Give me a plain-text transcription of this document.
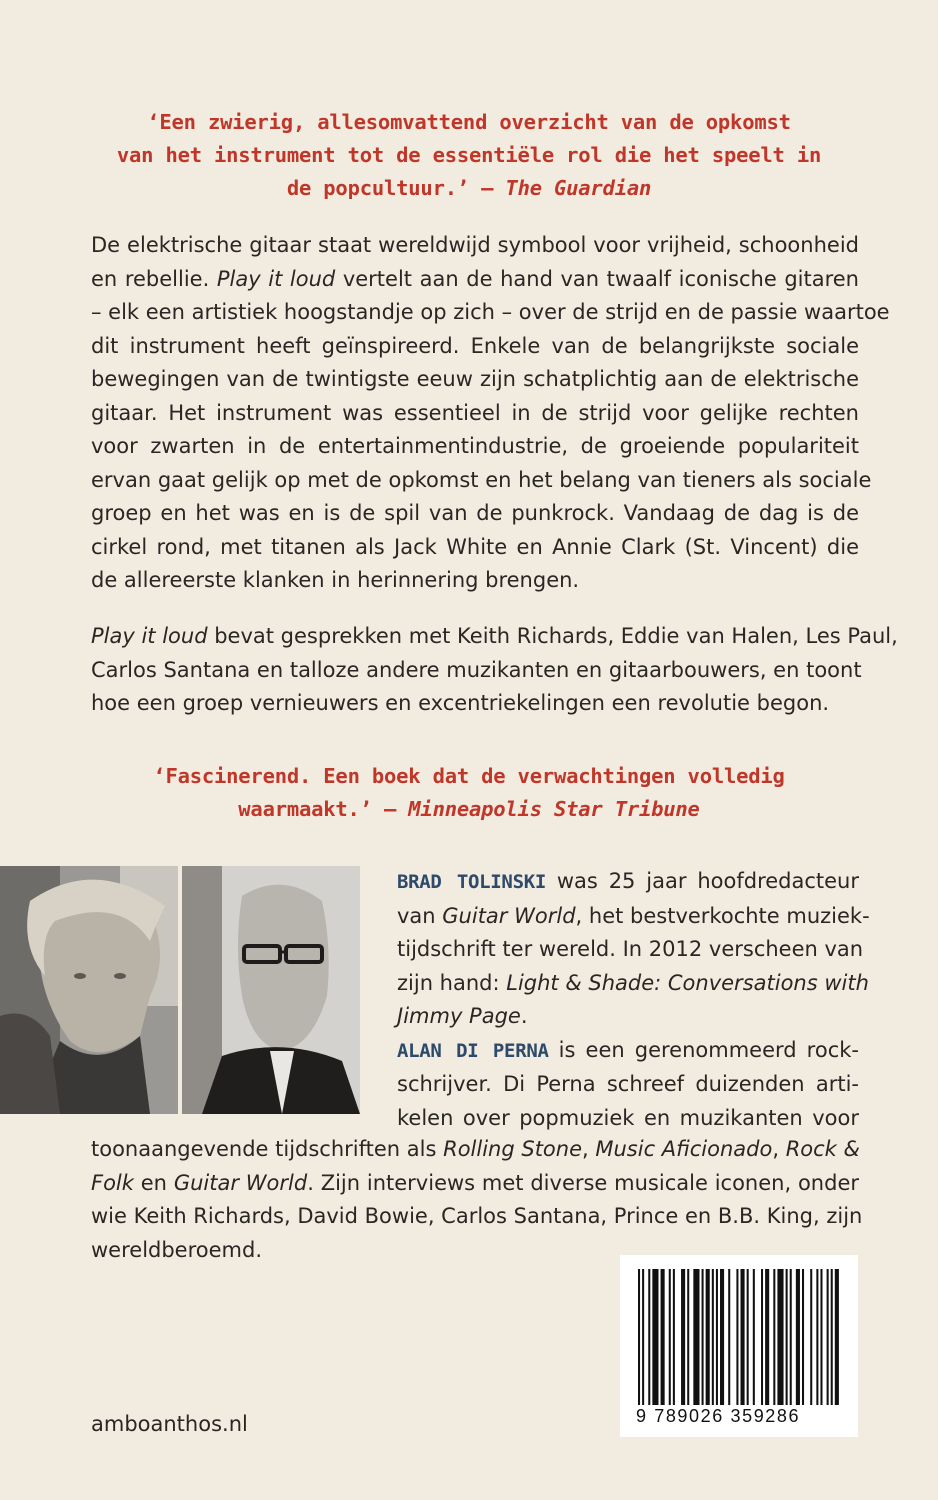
‘Een zwierig, allesomvattend overzicht van de opkomst
van het instrument tot de essentiële rol die het speelt in
de popcultuur.’ – The Guardian

De elektrische gitaar staat wereldwijd symbool voor vrijheid, schoonheid
en rebellie. Play it loud vertelt aan de hand van twaalf iconische gitaren
– elk een artistiek hoogstandje op zich – over de strijd en de passie waartoe
dit instrument heeft geïnspireerd. Enkele van de belangrijkste sociale
bewegingen van de twintigste eeuw zijn schatplichtig aan de elektrische
gitaar. Het instrument was essentieel in de strijd voor gelijke rechten
voor zwarten in de entertainmentindustrie, de groeiende populariteit
ervan gaat gelijk op met de opkomst en het belang van tieners als sociale
groep en het was en is de spil van de punkrock. Vandaag de dag is de
cirkel rond, met titanen als Jack White en Annie Clark (St. Vincent) die
de allereerste klanken in herinnering brengen.

Play it loud bevat gesprekken met Keith Richards, Eddie van Halen, Les Paul,
Carlos Santana en talloze andere muzikanten en gitaarbouwers, en toont
hoe een groep vernieuwers en excentriekelingen een revolutie begon.

‘Fascinerend. Een boek dat de verwachtingen volledig
waarmaakt.’ – Minneapolis Star Tribune
BRAD TOLINSKI was 25 jaar hoofdredacteur
van Guitar World, het bestverkochte muziek-
tijdschrift ter wereld. In 2012 verscheen van
zijn hand: Light & Shade: Conversations with
Jimmy Page.
ALAN DI PERNA is een gerenommeerd rock-
schrijver. Di Perna schreef duizenden arti-
kelen over popmuziek en muzikanten voor
toonaangevende tijdschriften als Rolling Stone, Music Aficionado, Rock &
Folk en Guitar World. Zijn interviews met diverse musicale iconen, onder
wie Keith Richards, David Bowie, Carlos Santana, Prince en B.B. King, zijn
wereldberoemd.
9 789026 359286
amboanthos.nl
